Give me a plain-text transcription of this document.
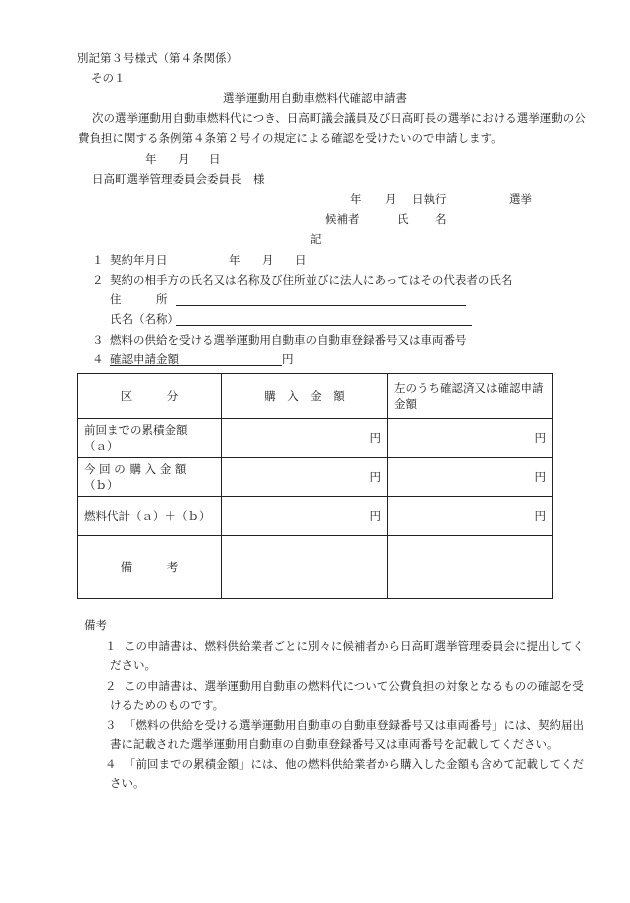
別記第３号様式（第４条関係）
その１
選挙運動用自動車燃料代確認申請書
次の選挙運動用自動車燃料代につき、日高町議会議員及び日高町長の選挙における選挙運動の公
費負担に関する条例第４条第２号イの規定による確認を受けたいので申請します。
年 月 日
日高町選挙管理委員会委員長　様
年 月 日執行	選挙
候補者	氏 名
記
１ 契約年月日	年 月 日
２ 契約の相手方の氏名又は名称及び住所並びに法人にあってはその代表者の氏名
住　　　所
氏名（名称）
３ 燃料の供給を受ける選挙運動用自動車の自動車登録番号又は車両番号
４ 確認申請金額	円
区　　　分	購　入　金　額	左のうち確認済又は確認申請金額
前回までの累積金額（ａ）	円	円
今 回 の 購 入 金 額 （ｂ）	円	円
燃料代計（ａ）＋（ｂ）	円	円
備　　　考		
備考
１ この申請書は、燃料供給業者ごとに別々に候補者から日高町選挙管理委員会に提出してく
ださい。
２ この申請書は、選挙運動用自動車の燃料代について公費負担の対象となるものの確認を受
けるためのものです。
３ 「燃料の供給を受ける選挙運動用自動車の自動車登録番号又は車両番号」には、契約届出
書に記載された選挙運動用自動車の自動車登録番号又は車両番号を記載してください。
４ 「前回までの累積金額」には、他の燃料供給業者から購入した金額も含めて記載してくだ
さい。
